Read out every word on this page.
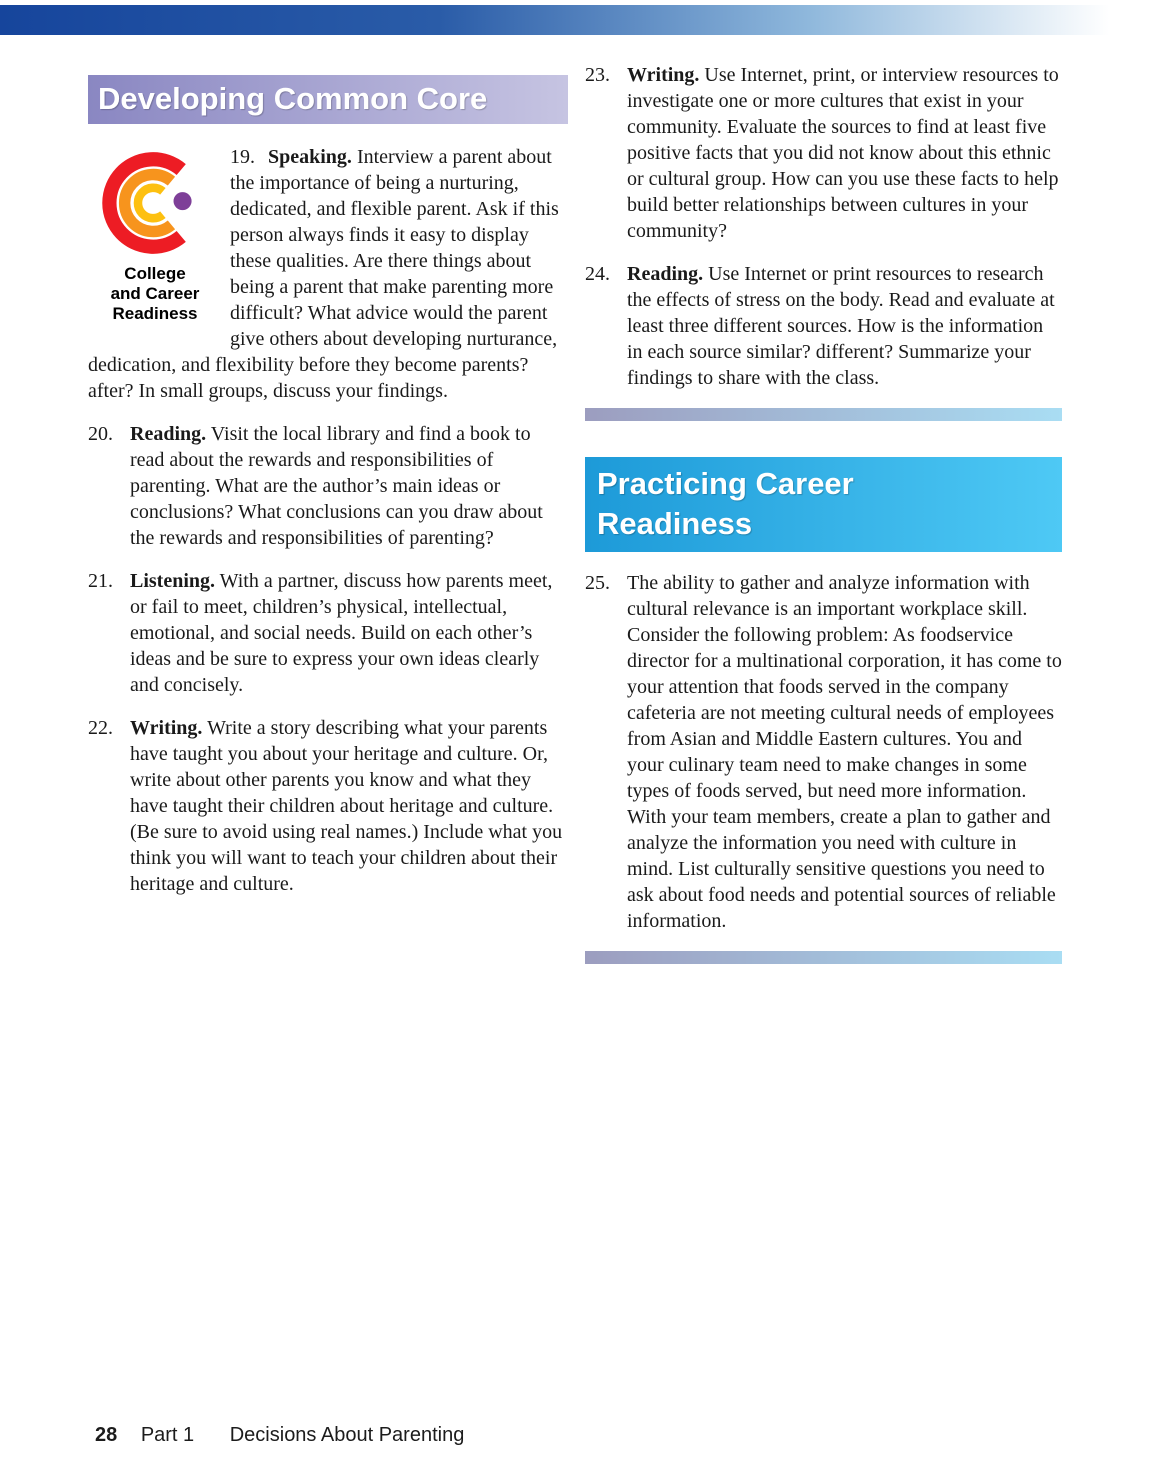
Developing Common Core
College
and Career
Readiness
19. Speaking. Interview a parent about the importance of being a nurturing, dedicated, and flexible parent. Ask if this person always finds it easy to display these qualities. Are there things about being a parent that make parenting more difficult? What advice would the parent give others about developing nurturance, dedication, and flexibility before they become parents? after? In small groups, discuss your findings.
20. Reading. Visit the local library and find a book to read about the rewards and responsibilities of parenting. What are the author’s main ideas or conclusions? What conclusions can you draw about the rewards and responsibilities of parenting?
21. Listening. With a partner, discuss how parents meet, or fail to meet, children’s physical, intellectual, emotional, and social needs. Build on each other’s ideas and be sure to express your own ideas clearly and concisely.
22. Writing. Write a story describing what your parents have taught you about your heritage and culture. Or, write about other parents you know and what they have taught their children about heritage and culture. (Be sure to avoid using real names.) Include what you think you will want to teach your children about their heritage and culture.
23. Writing. Use Internet, print, or interview resources to investigate one or more cultures that exist in your community. Evaluate the sources to find at least five positive facts that you did not know about this ethnic or cultural group. How can you use these facts to help build better relationships between cultures in your community?
24. Reading. Use Internet or print resources to research the effects of stress on the body. Read and evaluate at least three different sources. How is the information in each source similar? different? Summarize your findings to share with the class.
Practicing Career
Readiness
25. The ability to gather and analyze information with cultural relevance is an important workplace skill. Consider the following problem: As foodservice director for a multinational corporation, it has come to your attention that foods served in the company cafeteria are not meeting cultural needs of employees from Asian and Middle Eastern cultures. You and your culinary team need to make changes in some types of foods served, but need more information. With your team members, create a plan to gather and analyze the information you need with culture in mind. List culturally sensitive questions you need to ask about food needs and potential sources of reliable information.
28 Part 1 Decisions About Parenting
